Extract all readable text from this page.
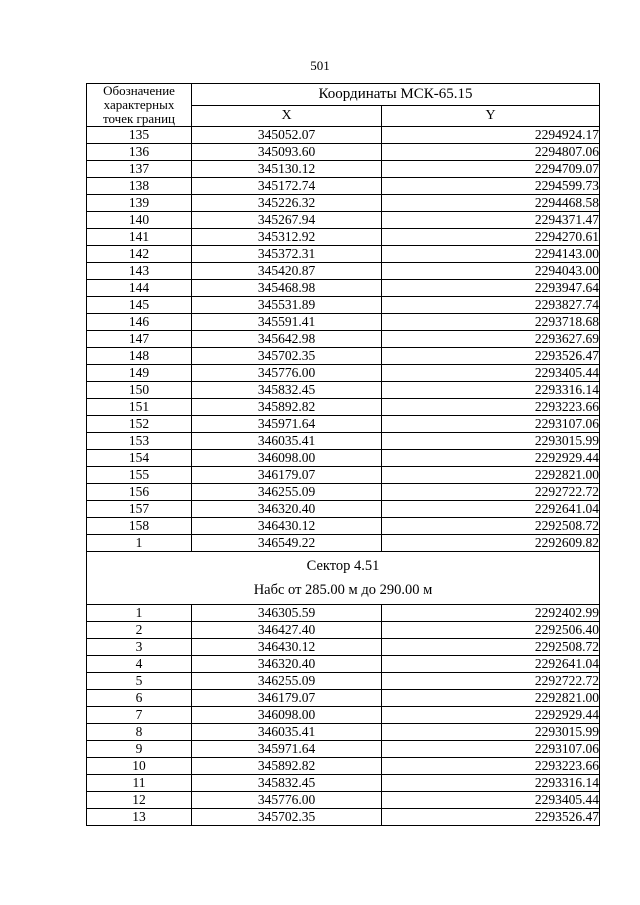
501
Обозначение
характерных
точек границ	Координаты МСК-65.15	
	X	Y
135	345052.07	2294924.17
136	345093.60	2294807.06
137	345130.12	2294709.07
138	345172.74	2294599.73
139	345226.32	2294468.58
140	345267.94	2294371.47
141	345312.92	2294270.61
142	345372.31	2294143.00
143	345420.87	2294043.00
144	345468.98	2293947.64
145	345531.89	2293827.74
146	345591.41	2293718.68
147	345642.98	2293627.69
148	345702.35	2293526.47
149	345776.00	2293405.44
150	345832.45	2293316.14
151	345892.82	2293223.66
152	345971.64	2293107.06
153	346035.41	2293015.99
154	346098.00	2292929.44
155	346179.07	2292821.00
156	346255.09	2292722.72
157	346320.40	2292641.04
158	346430.12	2292508.72
1	346549.22	2292609.82
Сектор 4.51
Набс от 285.00 м до 290.00 м		
1	346305.59	2292402.99
2	346427.40	2292506.40
3	346430.12	2292508.72
4	346320.40	2292641.04
5	346255.09	2292722.72
6	346179.07	2292821.00
7	346098.00	2292929.44
8	346035.41	2293015.99
9	345971.64	2293107.06
10	345892.82	2293223.66
11	345832.45	2293316.14
12	345776.00	2293405.44
13	345702.35	2293526.47
